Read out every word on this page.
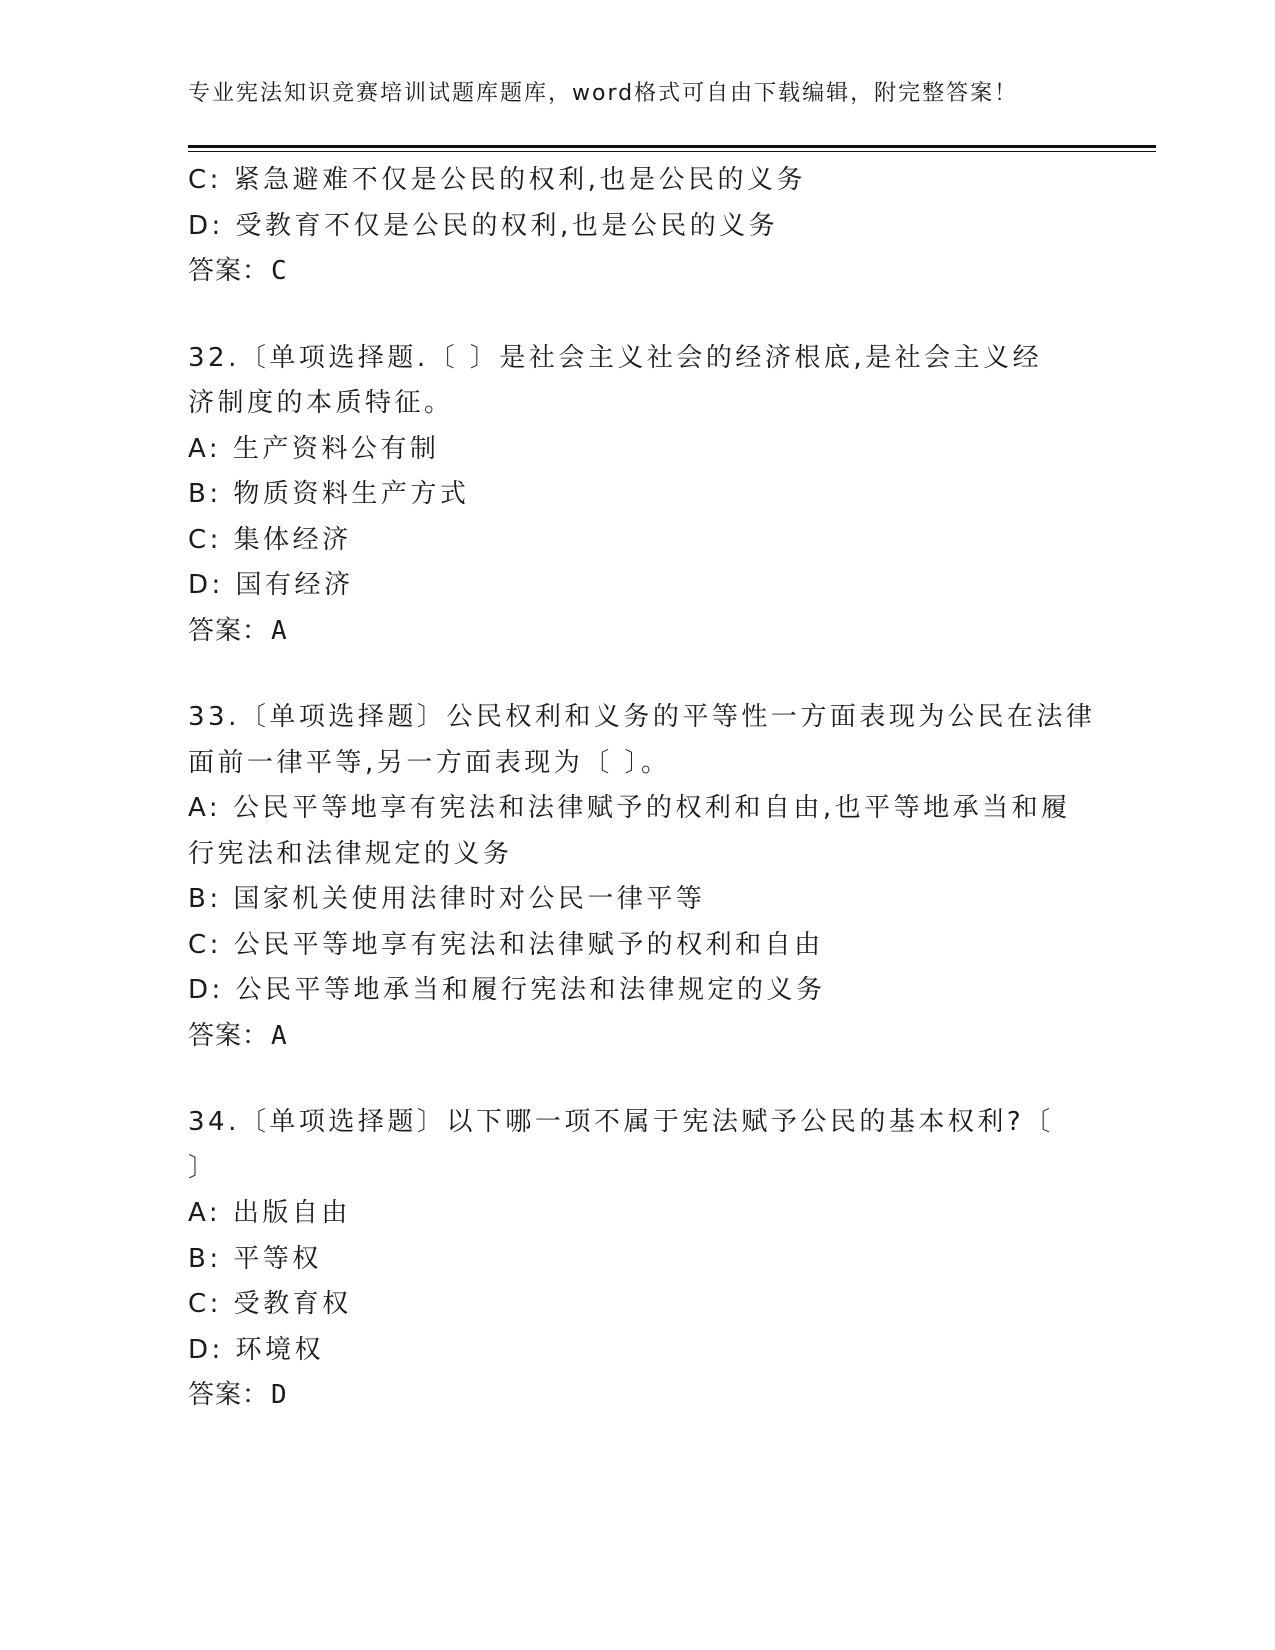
专业宪法知识竞赛培训试题库题库，word格式可自由下载编辑，附完整答案！
C: 紧急避难不仅是公民的权利,也是公民的义务
D: 受教育不仅是公民的权利,也是公民的义务
答案：C
32.〔单项选择题.〔 〕是社会主义社会的经济根底,是社会主义经
济制度的本质特征。
A: 生产资料公有制
B: 物质资料生产方式
C: 集体经济
D: 国有经济
答案：A
33.〔单项选择题〕公民权利和义务的平等性一方面表现为公民在法律
面前一律平等,另一方面表现为〔 〕。
A: 公民平等地享有宪法和法律赋予的权利和自由,也平等地承当和履
行宪法和法律规定的义务
B: 国家机关使用法律时对公民一律平等
C: 公民平等地享有宪法和法律赋予的权利和自由
D: 公民平等地承当和履行宪法和法律规定的义务
答案：A
34.〔单项选择题〕以下哪一项不属于宪法赋予公民的基本权利?〔
〕
A: 出版自由
B: 平等权
C: 受教育权
D: 环境权
答案：D
